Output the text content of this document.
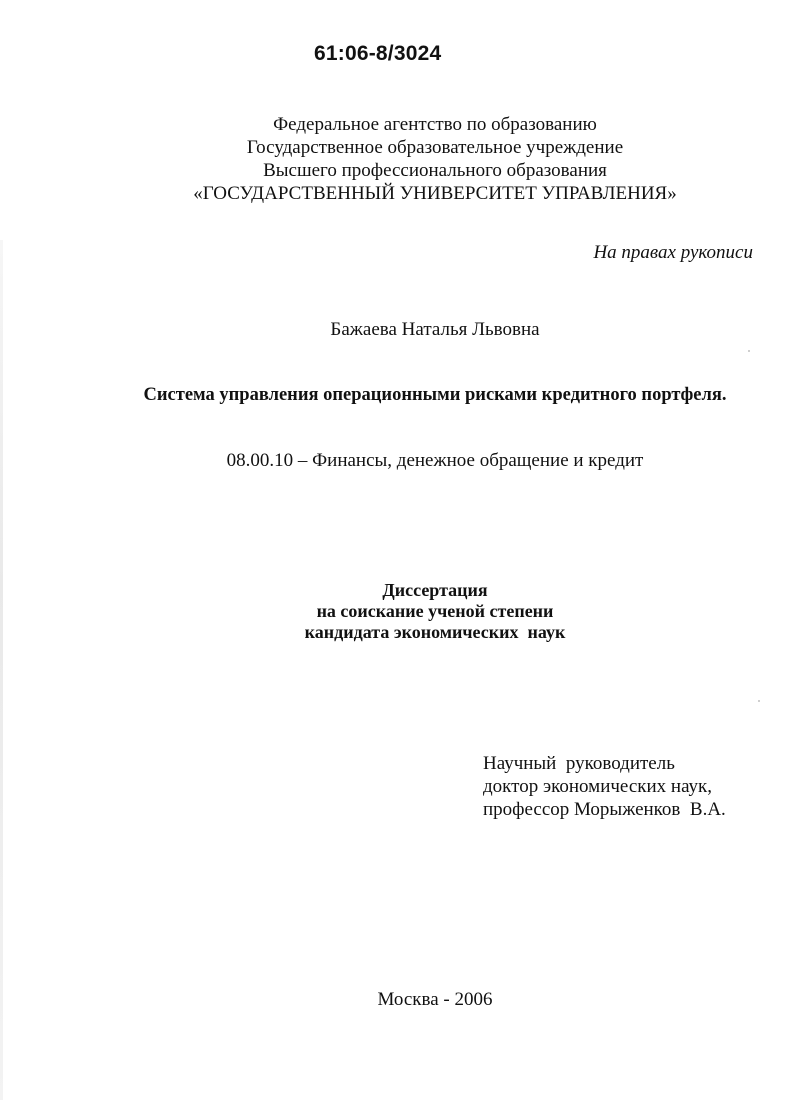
61:06-8/3024
Федеральное агентство по образованию
Государственное образовательное учреждение
Высшего профессионального образования
«ГОСУДАРСТВЕННЫЙ УНИВЕРСИТЕТ УПРАВЛЕНИЯ»
На правах рукописи
Бажаева Наталья Львовна
Система управления операционными рисками кредитного портфеля.
08.00.10 – Финансы, денежное обращение и кредит
Диссертация
на соискание ученой степени
кандидата экономических  наук
Научный  руководитель
доктор экономических наук,
профессор Морыженков  В.А.
Москва - 2006
